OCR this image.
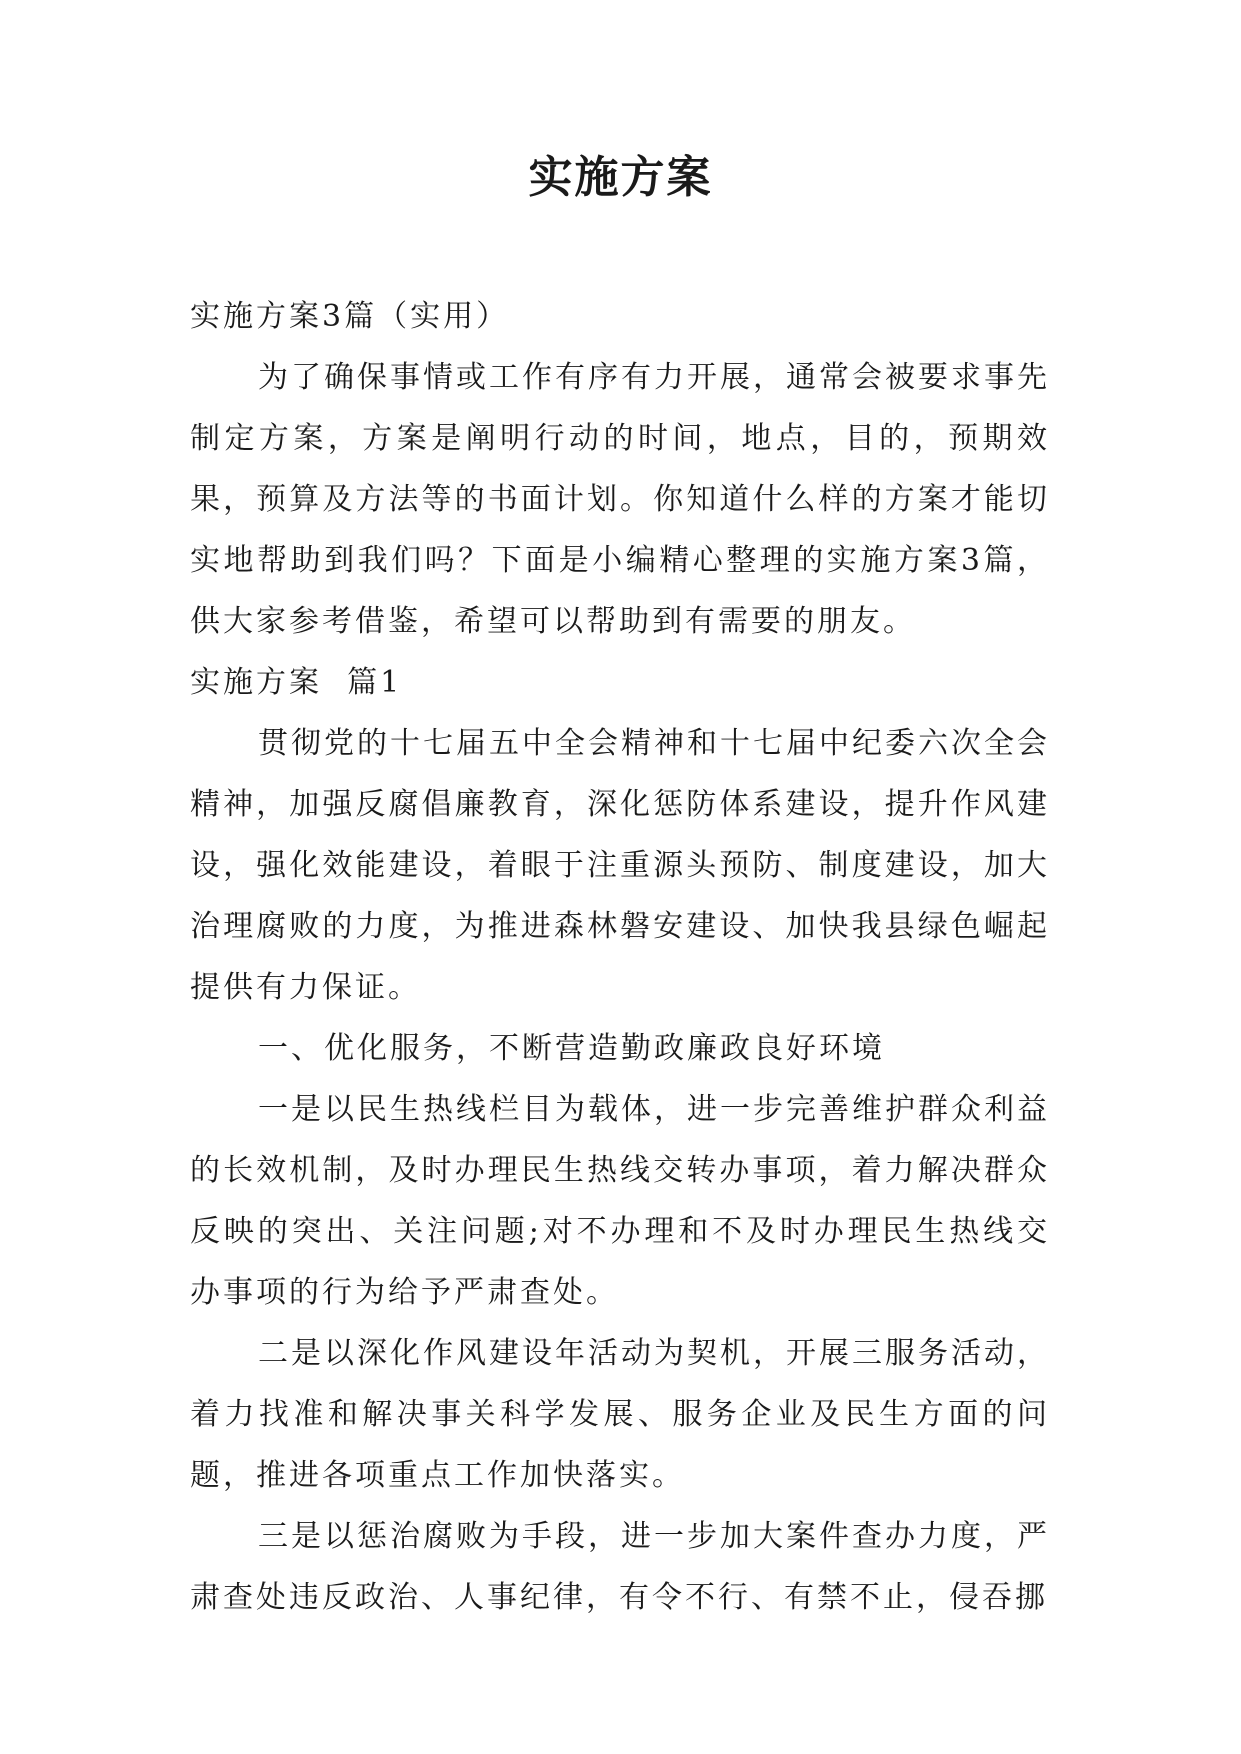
实施方案

实施方案3篇（实用）

为了确保事情或工作有序有力开展，通常会被要求事先制定方案，方案是阐明行动的时间，地点，目的，预期效果，预算及方法等的书面计划。你知道什么样的方案才能切实地帮助到我们吗？下面是小编精心整理的实施方案3篇，供大家参考借鉴，希望可以帮助到有需要的朋友。

实施方案  篇1

贯彻党的十七届五中全会精神和十七届中纪委六次全会精神，加强反腐倡廉教育，深化惩防体系建设，提升作风建设，强化效能建设，着眼于注重源头预防、制度建设，加大治理腐败的力度，为推进森林磐安建设、加快我县绿色崛起提供有力保证。

一、优化服务，不断营造勤政廉政良好环境

一是以民生热线栏目为载体，进一步完善维护群众利益的长效机制，及时办理民生热线交转办事项，着力解决群众反映的突出、关注问题;对不办理和不及时办理民生热线交办事项的行为给予严肃查处。

二是以深化作风建设年活动为契机，开展三服务活动，着力找准和解决事关科学发展、服务企业及民生方面的问题，推进各项重点工作加快落实。

三是以惩治腐败为手段，进一步加大案件查办力度，严肃查处违反政治、人事纪律，有令不行、有禁不止，侵吞挪
